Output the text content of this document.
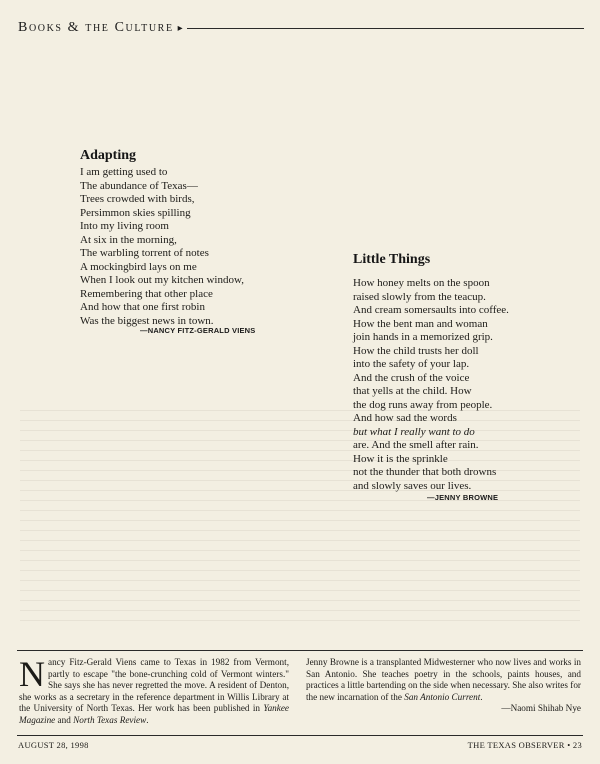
Books & the Culture ▸
Adapting
I am getting used to
The abundance of Texas—
Trees crowded with birds,
Persimmon skies spilling
Into my living room
At six in the morning,
The warbling torrent of notes
A mockingbird lays on me
When I look out my kitchen window,
Remembering that other place
And how that one first robin
Was the biggest news in town.
—NANCY FITZ-GERALD VIENS
Little Things
How honey melts on the spoon
raised slowly from the teacup.
And cream somersaults into coffee.
How the bent man and woman
join hands in a memorized grip.
How the child trusts her doll
into the safety of your lap.
And the crush of the voice
that yells at the child. How
the dog runs away from people.
And how sad the words
but what I really want to do
are. And the smell after rain.
How it is the sprinkle
not the thunder that both drowns
and slowly saves our lives.
—JENNY BROWNE
Nancy Fitz-Gerald Viens came to Texas in 1982 from Vermont, partly to escape "the bone-crunching cold of Vermont winters." She says she has never regretted the move. A resident of Denton, she works as a secretary in the reference department in Willis Library at the University of North Texas. Her work has been published in Yankee Magazine and North Texas Review.
Jenny Browne is a transplanted Midwesterner who now lives and works in San Antonio. She teaches poetry in the schools, paints houses, and practices a little bartending on the side when necessary. She also writes for the new incarnation of the San Antonio Current.
—Naomi Shihab Nye
AUGUST 28, 1998	THE TEXAS OBSERVER • 23
